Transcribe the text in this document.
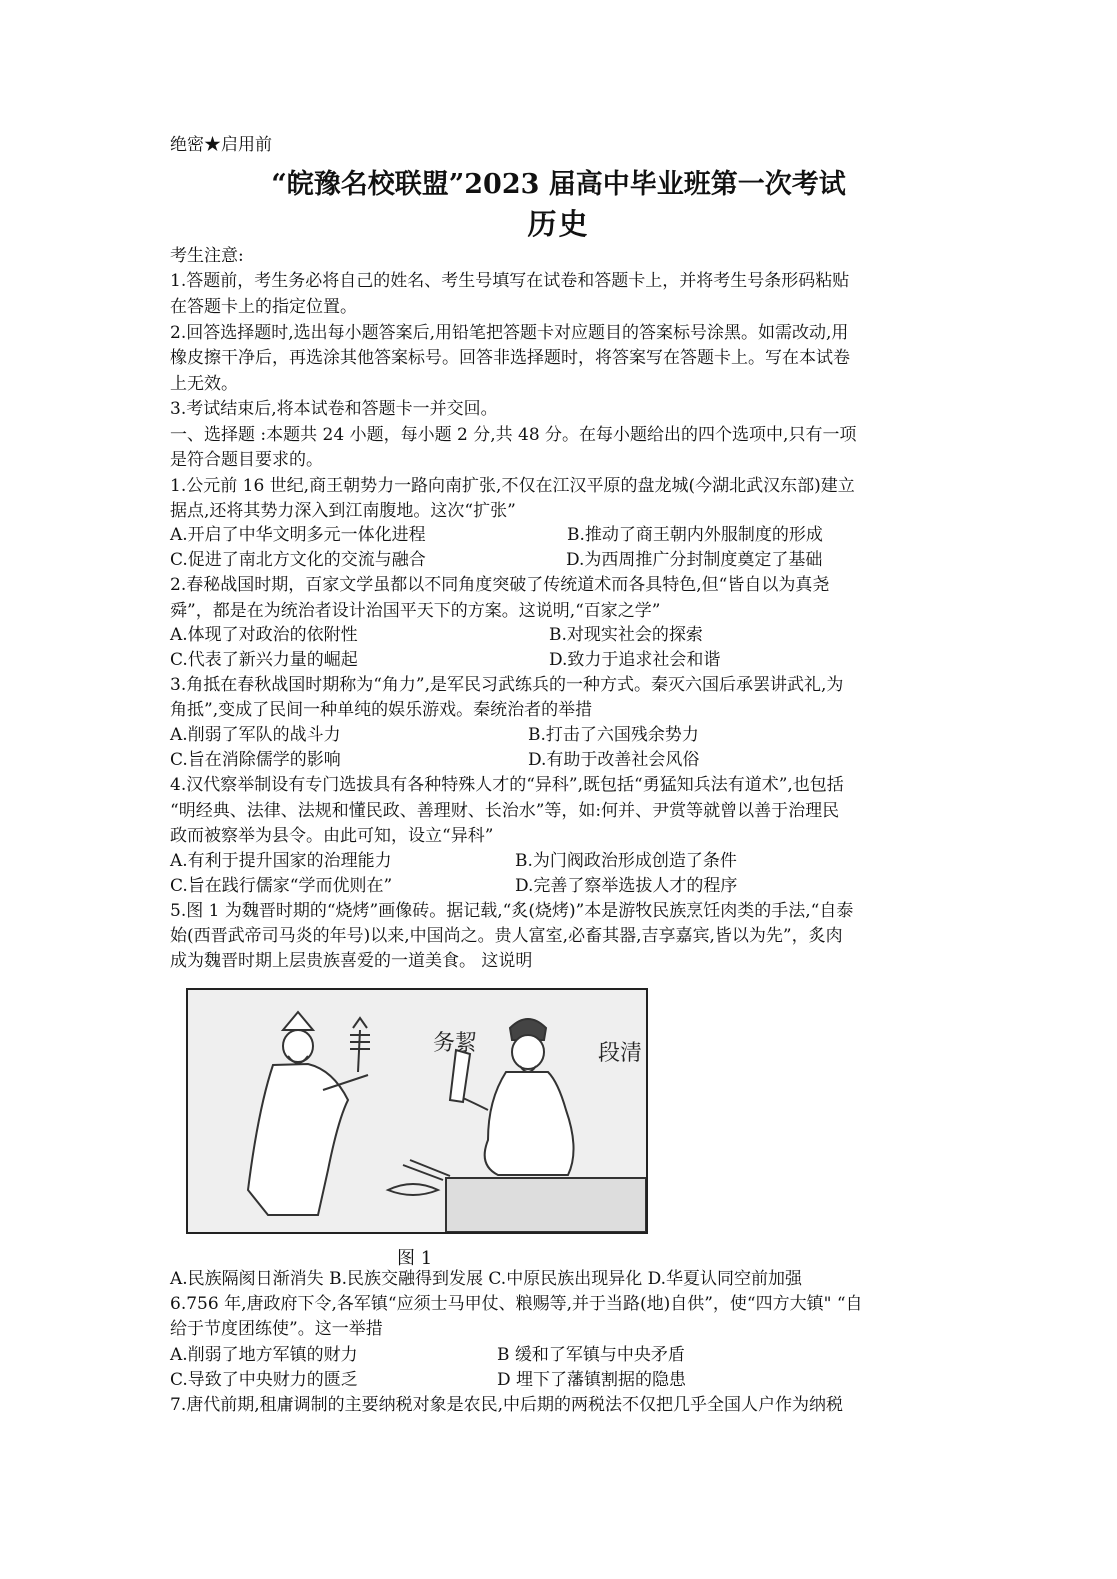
绝密★启用前
“皖豫名校联盟”2023 届高中毕业班第一次考试
历史
考生注意:
1.答题前，考生务必将自己的姓名、考生号填写在试卷和答题卡上，并将考生号条形码粘贴
在答题卡上的指定位置。
2.回答选择题时,选出每小题答案后,用铅笔把答题卡对应题目的答案标号涂黑。如需改动,用
橡皮擦干净后，再选涂其他答案标号。回答非选择题时，将答案写在答题卡上。写在本试卷
上无效。
3.考试结束后,将本试卷和答题卡一并交回。
一、选择题 :本题共 24 小题，每小题 2 分,共 48 分。在每小题给出的四个选项中,只有一项
是符合题目要求的。
1.公元前 16 世纪,商王朝势力一路向南扩张,不仅在江汉平原的盘龙城(今湖北武汉东部)建立
据点,还将其势力深入到江南腹地。这次“扩张”
A.开启了中华文明多元一体化进程	B.推动了商王朝内外服制度的形成
C.促进了南北方文化的交流与融合	D.为西周推广分封制度奠定了基础
2.春秘战国时期，百家文学虽都以不同角度突破了传统道术而各具特色,但“皆自以为真尧
舜”，都是在为统治者设计治国平天下的方案。这说明,“百家之学”
A.体现了对政治的依附性	B.对现实社会的探索
C.代表了新兴力量的崛起	D.致力于追求社会和谐
3.角抵在春秋战国时期称为“角力”,是军民习武练兵的一种方式。秦灭六国后承罢讲武礼,为
角抵”,变成了民间一种单纯的娱乐游戏。秦统治者的举措
A.削弱了军队的战斗力	B.打击了六国残余势力
C.旨在消除儒学的影响	D.有助于改善社会风俗
4.汉代察举制设有专门选拔具有各种特殊人才的“异科”,既包括“勇猛知兵法有道术”,也包括
“明经典、法律、法规和懂民政、善理财、长治水”等，如:何并、尹赏等就曾以善于治理民
政而被察举为县令。由此可知，设立“异科”
A.有利于提升国家的治理能力	B.为门阀政治形成创造了条件
C.旨在践行儒家“学而优则在”	D.完善了察举选拔人才的程序
5.图 1 为魏晋时期的“烧烤”画像砖。据记载,“炙(烧烤)”本是游牧民族烹饪肉类的手法,“自泰
始(西晋武帝司马炎的年号)以来,中国尚之。贵人富室,必畜其器,吉享嘉宾,皆以为先”，炙肉
成为魏晋时期上层贵族喜爱的一道美食。 这说明
务絜	段清
图 1
A.民族隔阂日渐消失 B.民族交融得到发展 C.中原民族出现异化 D.华夏认同空前加强
6.756 年,唐政府下令,各军镇“应须士马甲仗、粮赐等,并于当路(地)自供”，使“四方大镇" “自
给于节度团练使”。这一举措
A.削弱了地方军镇的财力	B 缓和了军镇与中央矛盾
C.导致了中央财力的匮乏	D 埋下了藩镇割据的隐患
7.唐代前期,租庸调制的主要纳税对象是农民,中后期的两税法不仅把几乎全国人户作为纳税
